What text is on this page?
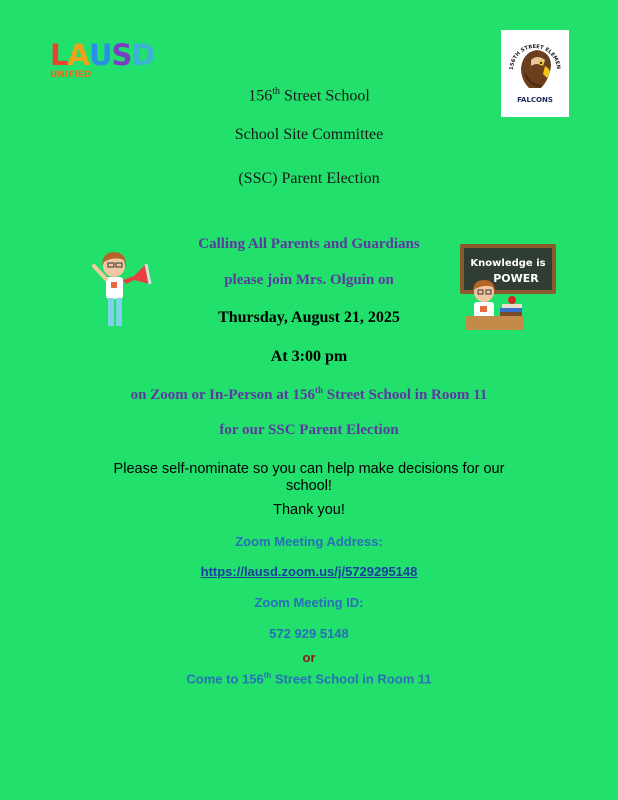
LAUSD
UNIFIED
156TH STREET ELEMEN
FALCONS
156th Street School
School Site Committee
(SSC) Parent Election
Knowledge is
POWER
Calling All Parents and Guardians
please join Mrs. Olguin on
Thursday, August 21, 2025
At 3:00 pm
on Zoom or In-Person at 156th Street School in Room 11
for our SSC Parent Election
Please self-nominate so you can help make decisions for our
school!
Thank you!
Zoom Meeting Address:
https://lausd.zoom.us/j/5729295148
Zoom Meeting ID:
572 929 5148
or
Come to 156th Street School in Room 11
